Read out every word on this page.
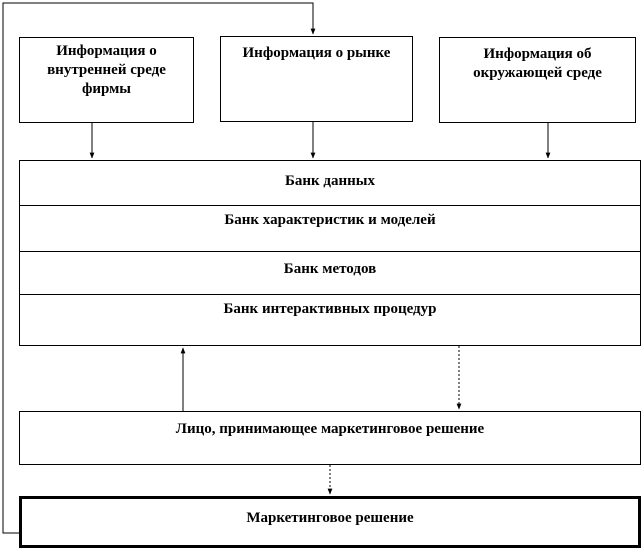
Информация о внутренней среде фирмы
Информация о рынке	Информация об окружающей среде
Банк данных
Банк характеристик и моделей
Банк методов
Банк интерактивных процедур
Лицо, принимающее маркетинговое решение
Маркетинговое решение
